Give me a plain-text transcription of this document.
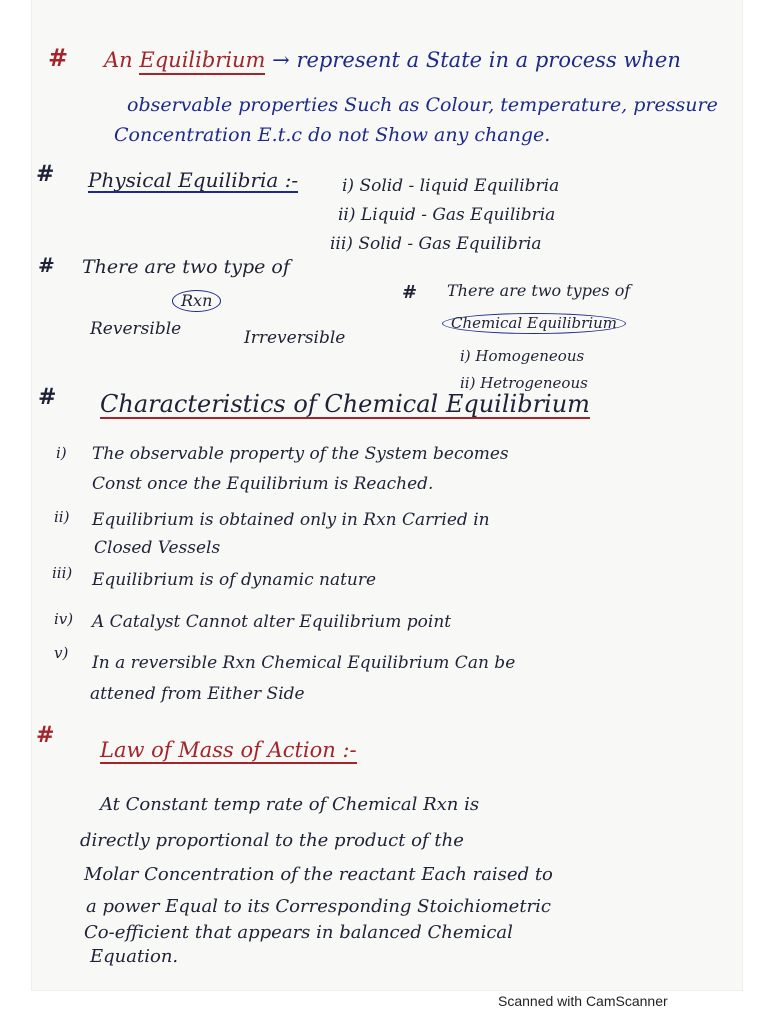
# An Equilibrium → represent a State in a process when
observable properties Such as Colour, temperature, pressure
Concentration E.t.c do not Show any change.
# Physical Equilibria :-	i) Solid - liquid Equilibria
ii) Liquid - Gas Equilibria
iii) Solid - Gas Equilibria
# There are two type of
Rxn
Reversible	Irreversible
# There are two types of
Chemical Equilibrium
i) Homogeneous
ii) Hetrogeneous
# Characteristics of Chemical Equilibrium
i) The observable property of the System becomes
Const once the Equilibrium is Reached.
ii) Equilibrium is obtained only in Rxn Carried in
Closed Vessels
iii) Equilibrium is of dynamic nature
iv) A Catalyst Cannot alter Equilibrium point
v) In a reversible Rxn Chemical Equilibrium Can be
attened from Either Side
#
Law of Mass of Action :-
At Constant temp rate of Chemical Rxn is
directly proportional to the product of the
Molar Concentration of the reactant Each raised to
a power Equal to its Corresponding Stoichiometric
Co-efficient that appears in balanced Chemical
Equation.
Scanned with CamScanner
